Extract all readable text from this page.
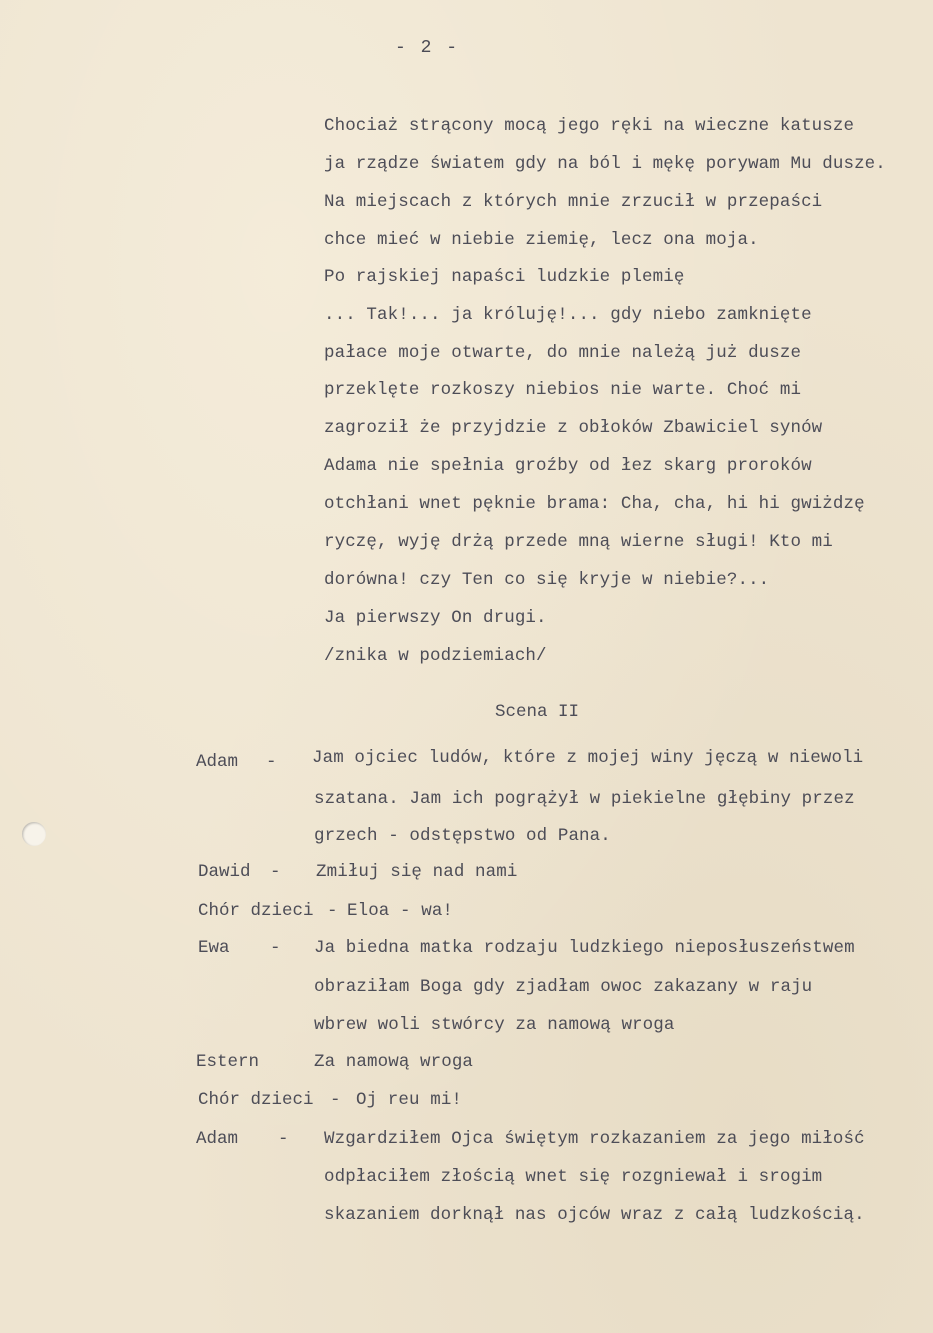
- 2 -
Chociaż strącony mocą jego ręki na wieczne katusze
ja rządze światem gdy na ból i mękę porywam Mu dusze.
Na miejscach z których mnie zrzucił w przepaści
chce mieć w niebie ziemię, lecz ona moja.
Po rajskiej napaści ludzkie plemię
... Tak!... ja króluję!... gdy niebo zamknięte
pałace moje otwarte, do mnie należą już dusze
przeklęte rozkoszy niebios nie warte. Choć mi
zagroził że przyjdzie z obłoków Zbawiciel synów
Adama nie spełnia groźby od łez skarg proroków
otchłani wnet pęknie brama: Cha, cha, hi hi gwiżdzę
ryczę, wyję drżą przede mną wierne sługi! Kto mi
dorówna! czy Ten co się kryje w niebie?...
Ja pierwszy On drugi.
/znika w podziemiach/
Scena II
Adam - Jam ojciec ludów, które z mojej winy jęczą w niewoli
szatana. Jam ich pogrążył w piekielne głębiny przez
grzech - odstępstwo od Pana.
Dawid - Zmiłuj się nad nami
Chór dzieci - Eloa - wa!
Ewa - Ja biedna matka rodzaju ludzkiego nieposłuszeństwem
obraziłam Boga gdy zjadłam owoc zakazany w raju
wbrew woli stwórcy za namową wroga
Estern	Za namową wroga
Chór dzieci - Oj reu mi!
Adam - Wzgardziłem Ojca świętym rozkazaniem za jego miłość
odpłaciłem złością wnet się rozgniewał i srogim
skazaniem dorknął nas ojców wraz z całą ludzkością.
